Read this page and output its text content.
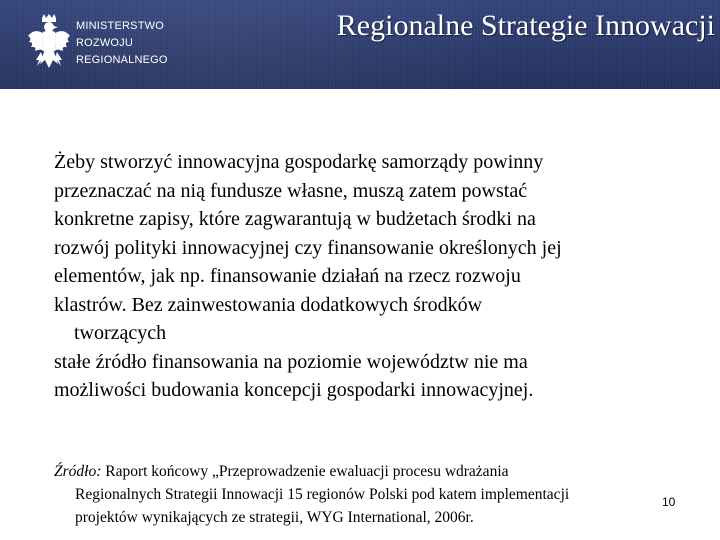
MINISTERSTWO
ROZWOJU
REGIONALNEGO
Regionalne Strategie Innowacji

Żeby stworzyć innowacyjna gospodarkę samorządy powinny

przeznaczać na nią fundusze własne, muszą zatem powstać

konkretne zapisy, które zagwarantują w budżetach środki na

rozwój polityki innowacyjnej czy finansowanie określonych jej

elementów, jak np. finansowanie działań na rzecz rozwoju

klastrów. Bez zainwestowania dodatkowych środków

tworzących

stałe źródło finansowania na poziomie województw nie ma

możliwości budowania koncepcji gospodarki innowacyjnej.

Źródło: Raport końcowy „Przeprowadzenie ewaluacji procesu wdrażania

Regionalnych Strategii Innowacji 15 regionów Polski pod katem implementacji

projektów wynikających ze strategii, WYG International, 2006r.

10
